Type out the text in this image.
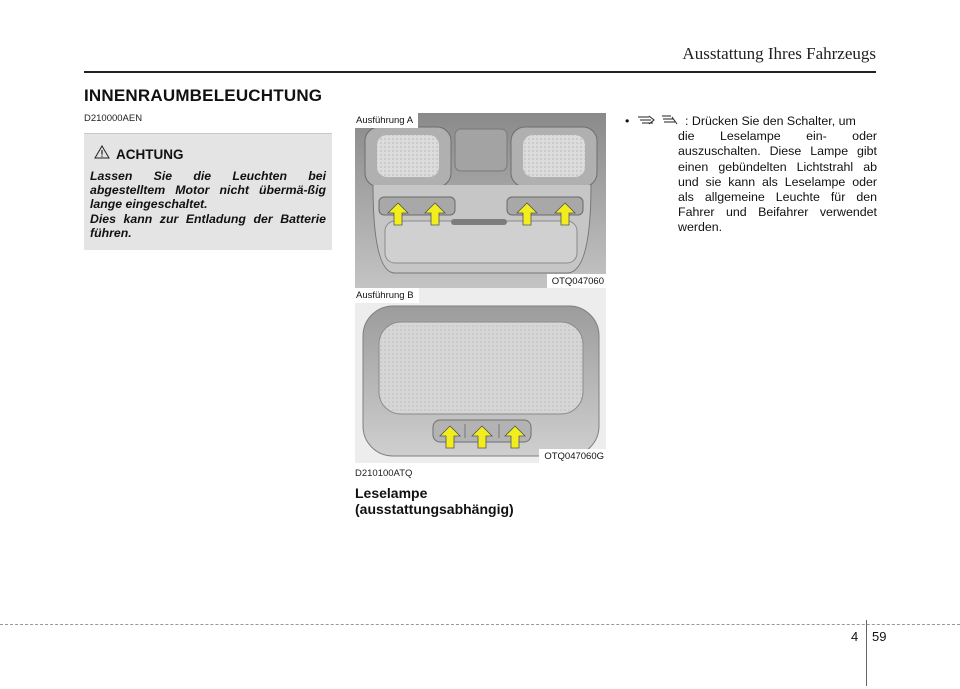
Ausstattung Ihres Fahrzeugs
INNENRAUMBELEUCHTUNG
D210000AEN
ACHTUNG

Lassen Sie die Leuchten bei abgestelltem Motor nicht übermä-ßig lange eingeschaltet.

Dies kann zur Entladung der Batterie führen.

Ausführung A
OTQ047060
Ausführung B
OTQ047060G
D210100ATQ
Leselampe
(ausstattungsabhängig)
•	: Drücken Sie den Schalter, um
die Leselampe ein- oder auszuschalten. Diese Lampe gibt einen gebündelten Lichtstrahl ab und sie kann als Leselampe oder als allgemeine Leuchte für den Fahrer und Beifahrer verwendet werden.
4 59
